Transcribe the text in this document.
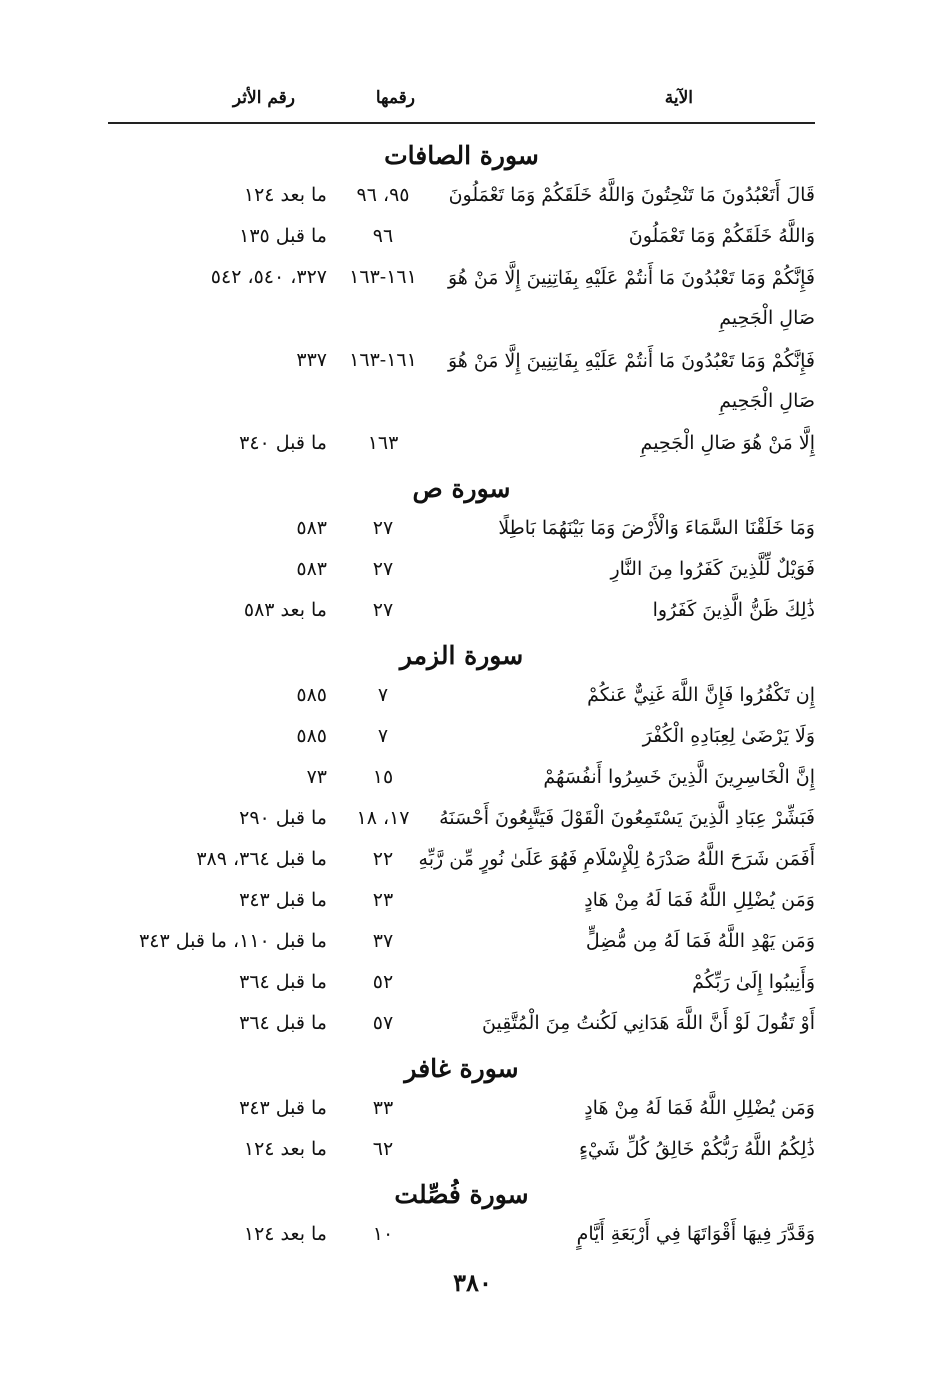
الآية
رقمها
رقم الأثر
سورة الصافات
قَالَ أَتَعْبُدُونَ مَا تَنْحِتُونَ وَاللَّهُ خَلَقَكُمْ وَمَا تَعْمَلُونَ
٩٥، ٩٦
ما بعد ١٢٤
وَاللَّهُ خَلَقَكُمْ وَمَا تَعْمَلُونَ
٩٦
ما قبل ١٣٥
فَإِنَّكُمْ وَمَا تَعْبُدُونَ مَا أَنتُمْ عَلَيْهِ بِفَاتِنِينَ إِلَّا مَنْ هُوَ صَالِ الْجَحِيمِ
١٦١-١٦٣
٣٢٧، ٥٤٠، ٥٤٢
فَإِنَّكُمْ وَمَا تَعْبُدُونَ مَا أَنتُمْ عَلَيْهِ بِفَاتِنِينَ إِلَّا مَنْ هُوَ صَالِ الْجَحِيمِ
١٦١-١٦٣
٣٣٧
إِلَّا مَنْ هُوَ صَالِ الْجَحِيمِ
١٦٣
ما قبل ٣٤٠
سورة ص
وَمَا خَلَقْنَا السَّمَاءَ وَالْأَرْضَ وَمَا بَيْنَهُمَا بَاطِلًا
٢٧
٥٨٣
فَوَيْلٌ لِّلَّذِينَ كَفَرُوا مِنَ النَّارِ
٢٧
٥٨٣
ذَٰلِكَ ظَنُّ الَّذِينَ كَفَرُوا
٢٧
ما بعد ٥٨٣
سورة الزمر
إِن تَكْفُرُوا فَإِنَّ اللَّهَ غَنِيٌّ عَنكُمْ
٧
٥٨٥
وَلَا يَرْضَىٰ لِعِبَادِهِ الْكُفْرَ
٧
٥٨٥
إِنَّ الْخَاسِرِينَ الَّذِينَ خَسِرُوا أَنفُسَهُمْ
١٥
٧٣
فَبَشِّرْ عِبَادِ الَّذِينَ يَسْتَمِعُونَ الْقَوْلَ فَيَتَّبِعُونَ أَحْسَنَهُ
١٧، ١٨
ما قبل ٢٩٠
أَفَمَن شَرَحَ اللَّهُ صَدْرَهُ لِلْإِسْلَامِ فَهُوَ عَلَىٰ نُورٍ مِّن رَّبِّهِ
٢٢
ما قبل ٣٦٤، ٣٨٩
وَمَن يُضْلِلِ اللَّهُ فَمَا لَهُ مِنْ هَادٍ
٢٣
ما قبل ٣٤٣
وَمَن يَهْدِ اللَّهُ فَمَا لَهُ مِن مُّضِلٍّ
٣٧
ما قبل ١١٠، ما قبل ٣٤٣
وَأَنِيبُوا إِلَىٰ رَبِّكُمْ
٥٢
ما قبل ٣٦٤
أَوْ تَقُولَ لَوْ أَنَّ اللَّهَ هَدَانِي لَكُنتُ مِنَ الْمُتَّقِينَ
٥٧
ما قبل ٣٦٤
سورة غافر
وَمَن يُضْلِلِ اللَّهُ فَمَا لَهُ مِنْ هَادٍ
٣٣
ما قبل ٣٤٣
ذَٰلِكُمُ اللَّهُ رَبُّكُمْ خَالِقُ كُلِّ شَيْءٍ
٦٢
ما بعد ١٢٤
سورة فُصِّلت
وَقَدَّرَ فِيهَا أَقْوَاتَهَا فِي أَرْبَعَةِ أَيَّامٍ
١٠
ما بعد ١٢٤
٣٨٠
